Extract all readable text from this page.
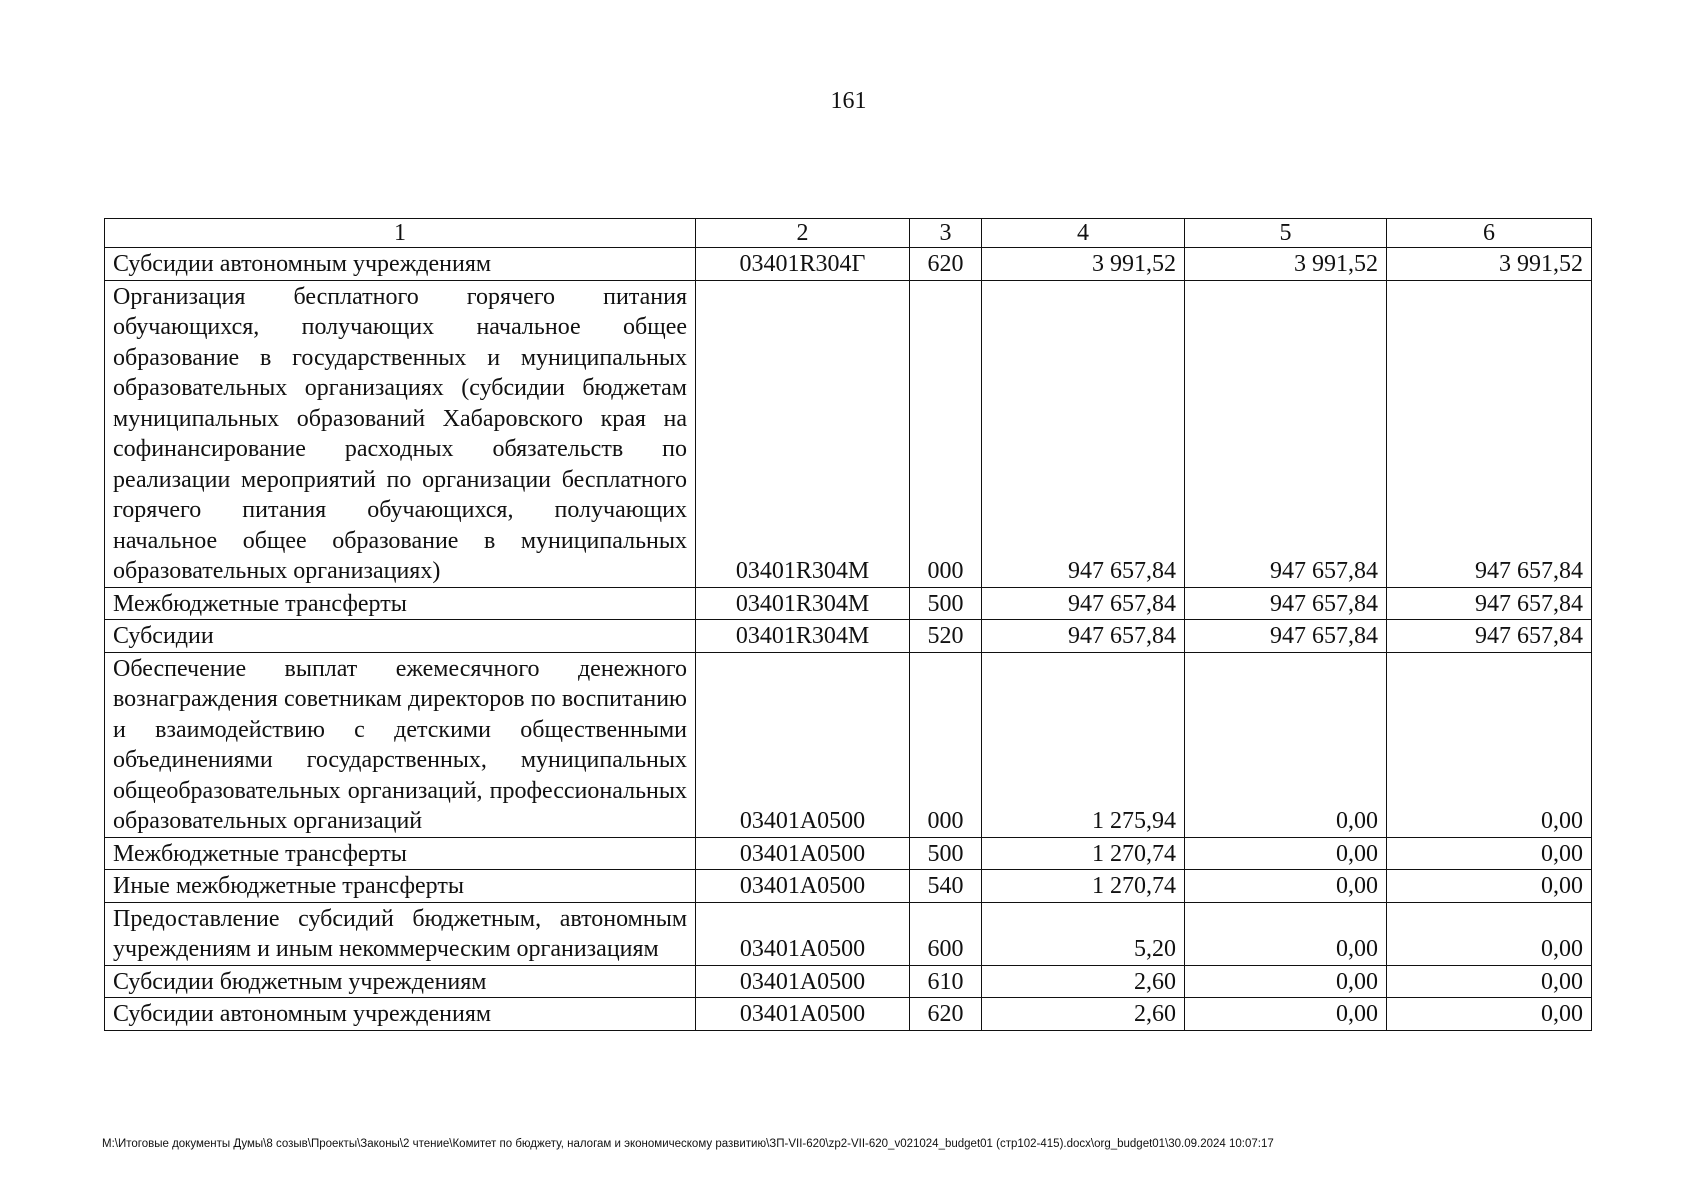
161
1	2	3	4	5	6
Субсидии автономным учреждениям	03401R304Г	620	3 991,52	3 991,52	3 991,52
Организация бесплатного горячего питания обучающихся, получающих начальное общее образование в государственных и муниципальных образовательных организациях (субсидии бюджетам муниципальных образований Хабаровского края на софинансирование расходных обязательств по реализации мероприятий по организации бесплатного горячего питания обучающихся, получающих начальное общее образование в муниципальных образовательных организациях)	03401R304М	000	947 657,84	947 657,84	947 657,84
Межбюджетные трансферты	03401R304М	500	947 657,84	947 657,84	947 657,84
Субсидии	03401R304М	520	947 657,84	947 657,84	947 657,84
Обеспечение выплат ежемесячного денежного вознаграждения советникам директоров по воспитанию и взаимодействию с детскими общественными объединениями государственных, муниципальных общеобразовательных организаций, профессиональных образовательных организаций	03401А0500	000	1 275,94	0,00	0,00
Межбюджетные трансферты	03401А0500	500	1 270,74	0,00	0,00
Иные межбюджетные трансферты	03401А0500	540	1 270,74	0,00	0,00
Предоставление субсидий бюджетным, автономным учреждениям и иным некоммерческим организациям	03401А0500	600	5,20	0,00	0,00
Субсидии бюджетным учреждениям	03401А0500	610	2,60	0,00	0,00
Субсидии автономным учреждениям	03401А0500	620	2,60	0,00	0,00
M:\Итоговые документы Думы\8 созыв\Проекты\Законы\2 чтение\Комитет по бюджету, налогам и экономическому развитию\ЗП-VII-620\zp2-VII-620_v021024_budget01 (стр102-415).docx\org_budget01\30.09.2024 10:07:17
